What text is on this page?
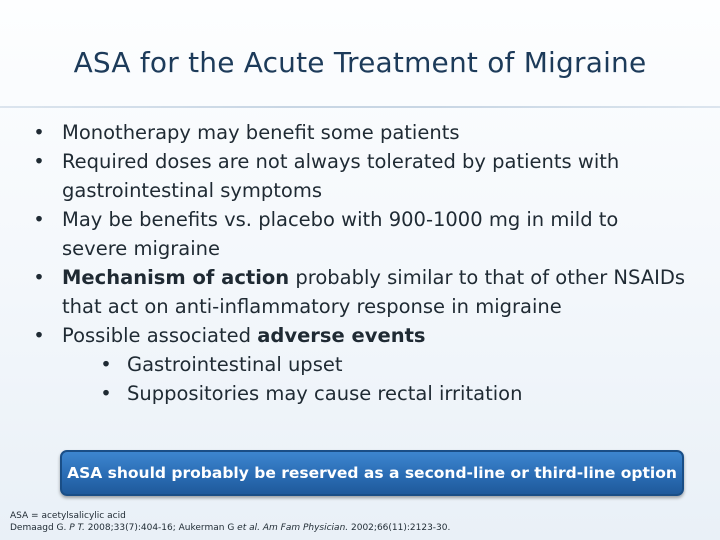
ASA for the Acute Treatment of Migraine
• Monotherapy may benefit some patients
• Required doses are not always tolerated by patients with
gastrointestinal symptoms
• May be benefits vs. placebo with 900-1000 mg in mild to
severe migraine
• Mechanism of action probably similar to that of other NSAIDs
that act on anti-inflammatory response in migraine
• Possible associated adverse events
• Gastrointestinal upset
• Suppositories may cause rectal irritation
ASA should probably be reserved as a second-line or third-line option
ASA = acetylsalicylic acid
Demaagd G. P T. 2008;33(7):404-16; Aukerman G et al. Am Fam Physician. 2002;66(11):2123-30.
